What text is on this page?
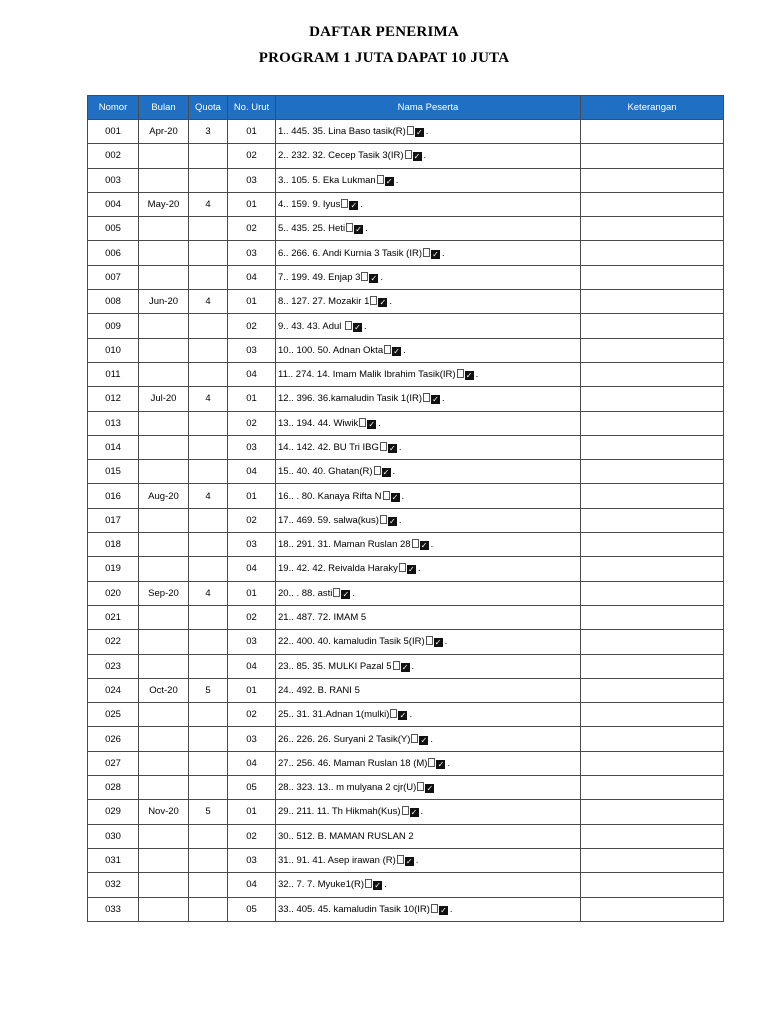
DAFTAR PENERIMA
PROGRAM 1 JUTA DAPAT 10 JUTA
Nomor	Bulan	Quota	No. Urut	Nama Peserta	Keterangan
001	Apr-20	3	01	1.. 445. 35. Lina Baso tasik(R) ✓ .	
002			02	2.. 232. 32. Cecep Tasik 3(IR) ✓ .	
003			03	3.. 105. 5. Eka Lukman ✓ .	
004	May-20	4	01	4.. 159. 9. Iyus ✓ .	
005			02	5.. 435. 25. Heti ✓ .	
006			03	6.. 266. 6. Andi Kurnia 3 Tasik (IR) ✓ .	
007			04	7.. 199. 49. Enjap 3 ✓ .	
008	Jun-20	4	01	8.. 127. 27. Mozakir 1 ✓ .	
009			02	9.. 43. 43. Adul ✓ .	
010			03	10.. 100. 50. Adnan Okta ✓ .	
011			04	11.. 274. 14. Imam Malik Ibrahim Tasik(IR) ✓ .	
012	Jul-20	4	01	12.. 396. 36.kamaludin Tasik 1(IR) ✓ .	
013			02	13.. 194. 44. Wiwik ✓ .	
014			03	14.. 142. 42. BU Tri IBG ✓ .	
015			04	15.. 40. 40. Ghatan(R) ✓ .	
016	Aug-20	4	01	16.. . 80. Kanaya Rifta N ✓ .	
017			02	17.. 469. 59. salwa(kus) ✓ .	
018			03	18.. 291. 31. Maman Ruslan 28 ✓ .	
019			04	19.. 42. 42. Reivalda Haraky ✓ .	
020	Sep-20	4	01	20.. . 88. asti ✓ .	
021			02	21.. 487. 72. IMAM 5	
022			03	22.. 400. 40. kamaludin Tasik 5(IR) ✓ .	
023			04	23.. 85. 35. MULKI Pazal 5 ✓ .	
024	Oct-20	5	01	24.. 492. B. RANI 5	
025			02	25.. 31. 31.Adnan 1(mulki) ✓ .	
026			03	26.. 226. 26. Suryani 2 Tasik(Y) ✓ .	
027			04	27.. 256. 46. Maman Ruslan 18 (M) ✓ .	
028			05	28.. 323. 13.. m mulyana 2 cjr(U) ✓	
029	Nov-20	5	01	29.. 211. 11. Th Hikmah(Kus) ✓ .	
030			02	30.. 512. B. MAMAN RUSLAN 2	
031			03	31.. 91. 41. Asep irawan (R) ✓ .	
032			04	32.. 7. 7. Myuke1(R) ✓ .	
033			05	33.. 405. 45. kamaludin Tasik 10(IR) ✓ .	
